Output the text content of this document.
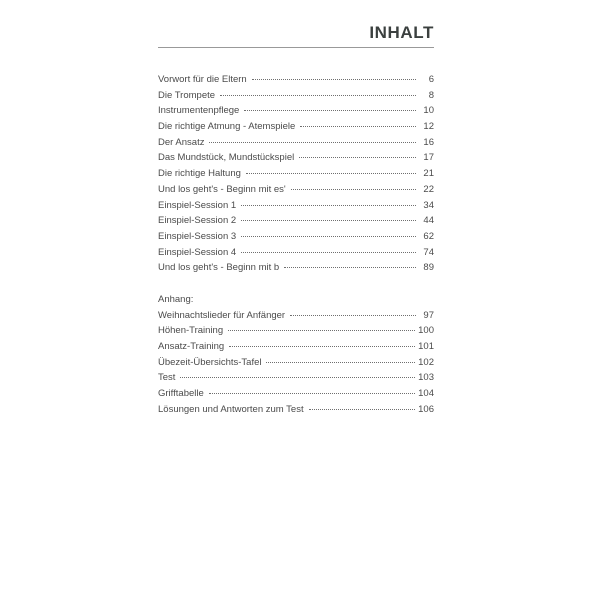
INHALT
Vorwort für die Eltern	6
Die Trompete	8
Instrumentenpflege	10
Die richtige Atmung - Atemspiele	12
Der Ansatz	16
Das Mundstück, Mundstückspiel	17
Die richtige Haltung	21
Und los geht's - Beginn mit es'	22
Einspiel-Session 1	34
Einspiel-Session 2	44
Einspiel-Session 3	62
Einspiel-Session 4	74
Und los geht's - Beginn mit b	89
Anhang:
Weihnachtslieder für Anfänger	97
Höhen-Training	100
Ansatz-Training	101
Übezeit-Übersichts-Tafel	102
Test	103
Grifftabelle	104
Lösungen und Antworten zum Test	106
